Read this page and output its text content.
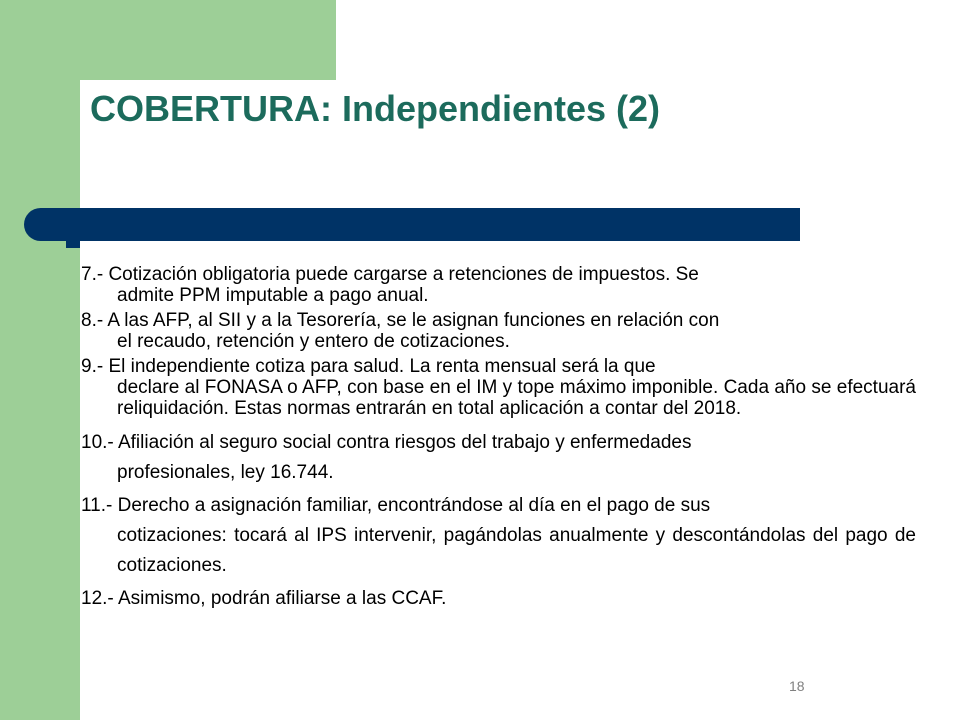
COBERTURA: Independientes (2)
7.- Cotización obligatoria puede cargarse a retenciones de impuestos. Se
admite PPM imputable a pago anual.
8.- A las AFP, al SII y a la Tesorería, se le asignan funciones en relación con
el recaudo, retención y entero de cotizaciones.
9.- El independiente cotiza para salud. La renta mensual será la que
declare al FONASA o AFP, con base en el IM y tope máximo imponible. Cada año se efectuará reliquidación. Estas normas entrarán en total aplicación a contar del 2018.
10.- Afiliación al seguro social contra riesgos del trabajo y enfermedades
profesionales, ley 16.744.
11.- Derecho a asignación familiar, encontrándose al día en el pago de sus
cotizaciones: tocará al IPS intervenir, pagándolas anualmente y descontándolas del pago de cotizaciones.
12.- Asimismo, podrán afiliarse a las CCAF.
18
